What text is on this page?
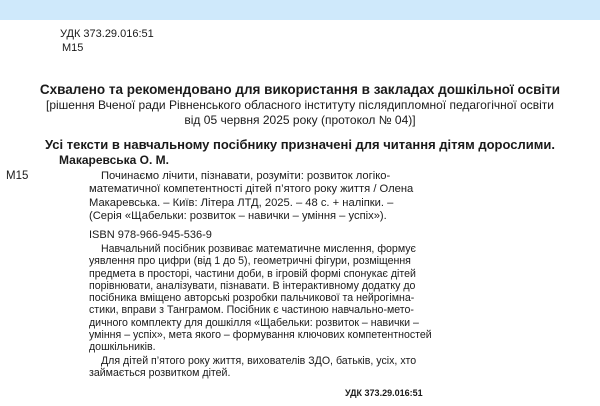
УДК 373.29.016:51
М15
Схвалено та рекомендовано для використання в закладах дошкільної освіти
[рішення Вченої ради Рівненського обласного інституту післядипломної педагогічної освіти
від 05 червня 2025 року (протокол № 04)]
Усі тексти в навчальному посібнику призначені для читання дітям дорослими.
Макаревська О. М.
М15	Починаємо лічити, пізнавати, розуміти: розвиток логіко-
математичної компетентності дітей п’ятого року життя / Олена
Макаревська. – Київ: Літера ЛТД, 2025. – 48 с. + наліпки. –
(Серія «Щабельки: розвиток – навички – уміння – успіх»).
ISBN 978-966-945-536-9
Навчальний посібник розвиває математичне мислення, формує
уявлення про цифри (від 1 до 5), геометричні фігури, розміщення
предмета в просторі, частини доби, в ігровій формі спонукає дітей
порівнювати, аналізувати, пізнавати. В інтерактивному додатку до
посібника вміщено авторські розробки пальчикової та нейрогімна-
стики, вправи з Танграмом. Посібник є частиною навчально-мето-
дичного комплекту для дошкілля «Щабельки: розвиток – навички –
уміння – успіх», мета якого – формування ключових компетентностей
дошкільників.
Для дітей п’ятого року життя, вихователів ЗДО, батьків, усіх, хто
займається розвитком дітей.
УДК 373.29.016:51
